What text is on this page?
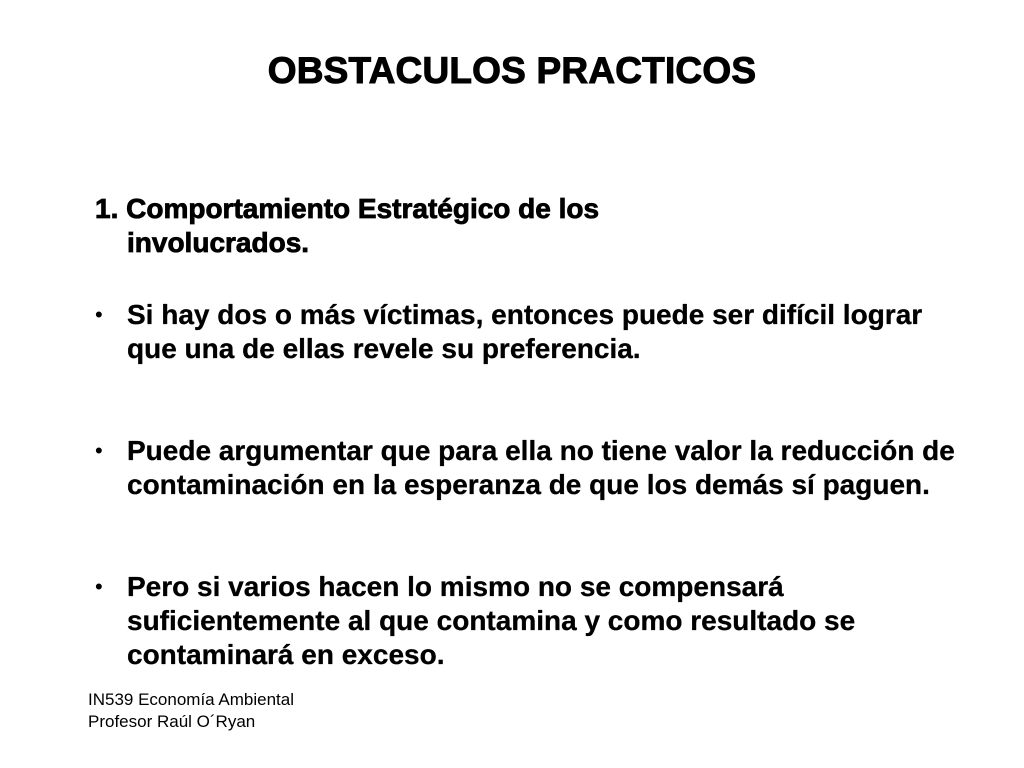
OBSTACULOS PRACTICOS
1. Comportamiento Estratégico de los
involucrados.
• Si hay dos o más víctimas, entonces puede ser difícil lograr que una de ellas revele su preferencia.
• Puede argumentar que para ella no tiene valor la reducción de contaminación en la esperanza de que los demás sí paguen.
• Pero si varios hacen lo mismo no se compensará suficientemente al que contamina y como resultado se contaminará en exceso.
IN539 Economía Ambiental
Profesor Raúl O´Ryan
